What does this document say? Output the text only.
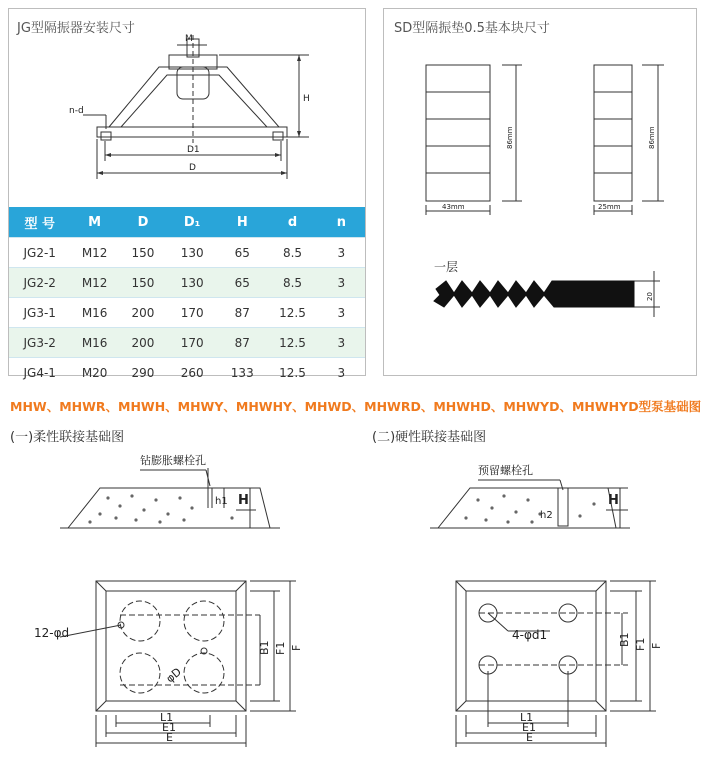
JG型隔振器安装尺寸
M
H
n-d
D1
D
型 号	M	D	D₁	H	d	n
JG2-1	M12	150	130	65	8.5	3
JG2-2	M12	150	130	65	8.5	3
JG3-1	M16	200	170	87	12.5	3
JG3-2	M16	200	170	87	12.5	3
JG4-1	M20	290	260	133	12.5	3
SD型隔振垫0.5基本块尺寸
86mm
43mm
86mm
25mm
一层
20
MHW、MHWR、MHWH、MHWY、MHWHY、MHWD、MHWRD、MHWHD、MHWYD、MHWHYD型泵基础图
(一)柔性联接基础图	(二)硬性联接基础图
钻膨胀螺栓孔
h1 H
预留螺栓孔
h2
H
12-φd
φD
B1 F1 F
L1
E1
E
4-φd1	B1 F1 F
L1
E1
E
